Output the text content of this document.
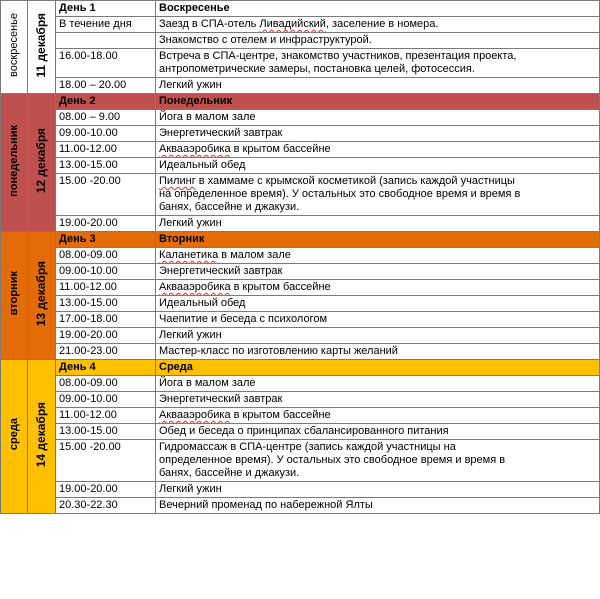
воскресенье	11 декабря	День 1	Воскресенье
		В течение дня	Заезд в СПА-отель Ливадийский, заселение в номера.

			Знакомство с отелем и инфраструктурой.

		16.00-18.00	Встреча в СПА-центре, знакомство участников, презентация проекта,
антропометрические замеры, постановка целей, фотосессия.

		18.00 – 20.00	Легкий ужин

понедельник	12 декабря	День 2	Понедельник
		08.00 – 9.00	Йога в малом зале

		09.00-10.00	Энергетический завтрак

		11.00-12.00	Аквааэробика в крытом бассейне

		13.00-15.00	Идеальный обед

		15.00 -20.00	Пилинг в хаммаме с крымской косметикой (запись каждой участницы
на определенное время). У остальных это свободное время и время в
банях, бассейне и джакузи.

		19.00-20.00	Легкий ужин

вторник	13 декабря	День 3	Вторник
		08.00-09.00	Каланетика в малом зале

		09.00-10.00	Энергетический завтрак

		11.00-12.00	Аквааэробика в крытом бассейне

		13.00-15.00	Идеальный обед

		17.00-18.00	Чаепитие и беседа с психологом

		19.00-20.00	Легкий ужин

		21.00-23.00	Мастер-класс по изготовлению карты желаний

среда	14 декабря	День 4	Среда
		08.00-09.00	Йога в малом зале

		09.00-10.00	Энергетический завтрак

		11.00-12.00	Аквааэробика в крытом бассейне

		13.00-15.00	Обед и беседа о принципах сбалансированного питания

		15.00 -20.00	Гидромассаж в СПА-центре (запись каждой участницы на
определенное время). У остальных это свободное время и время в
банях, бассейне и джакузи.

		19.00-20.00	Легкий ужин

		20.30-22.30	Вечерний променад по набережной Ялты
